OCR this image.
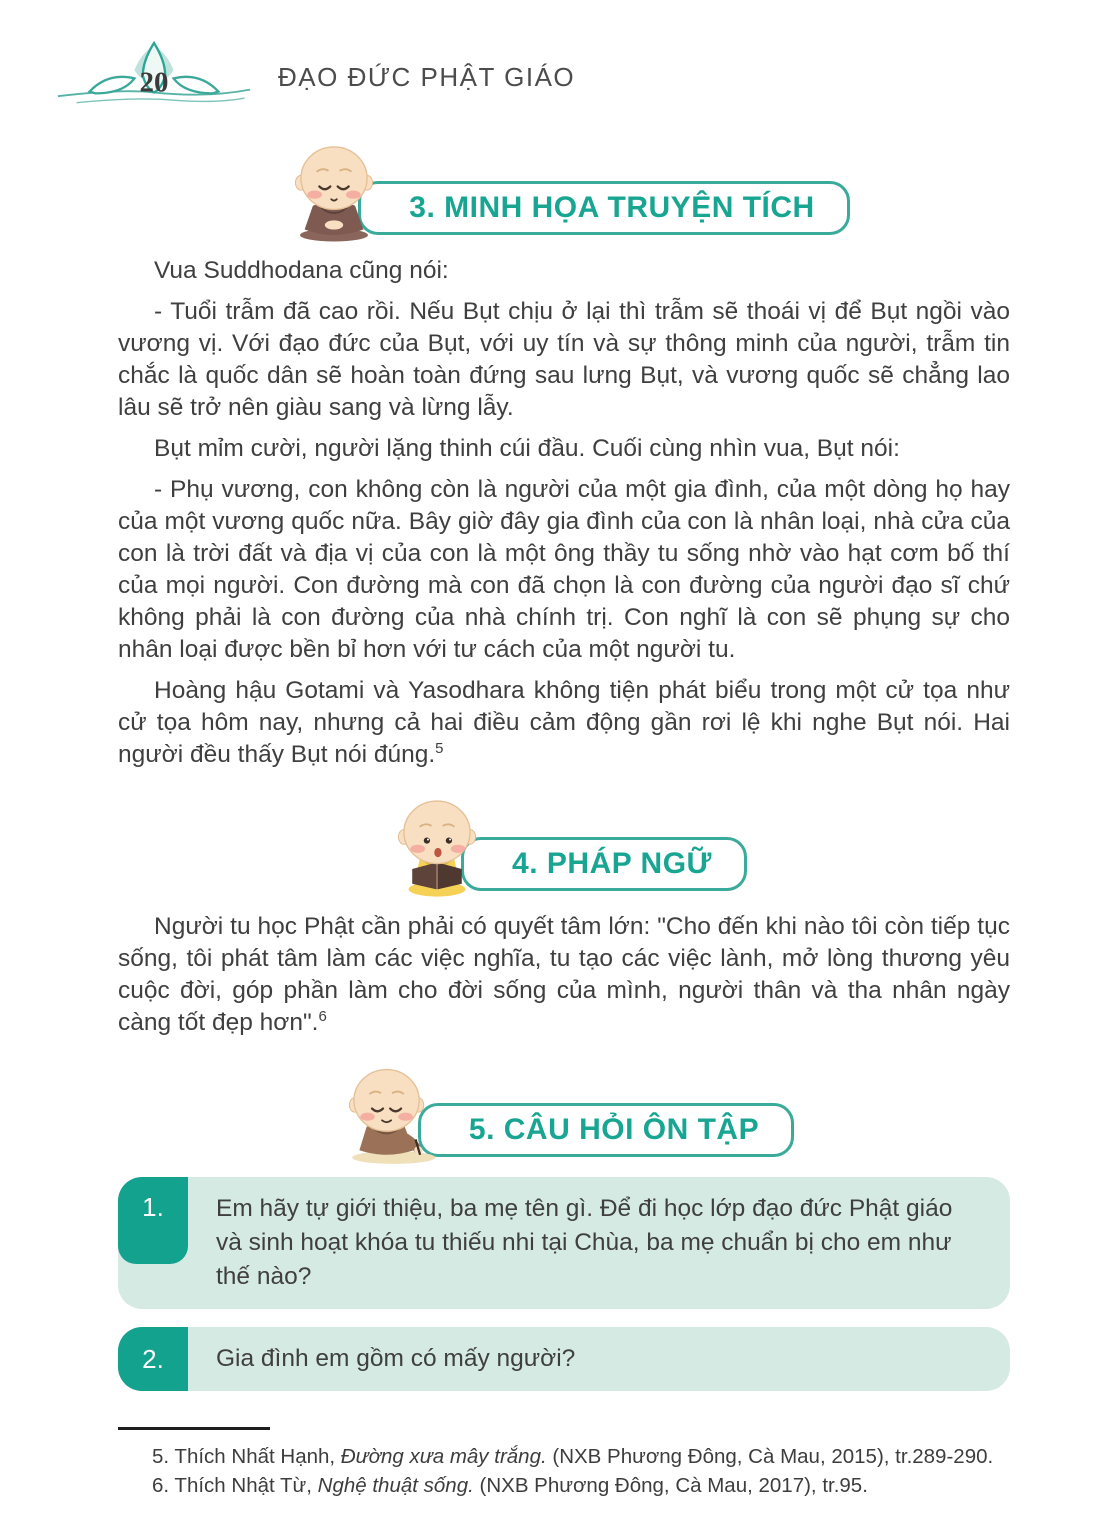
20	ĐẠO ĐỨC PHẬT GIÁO
3. MINH HỌA TRUYỆN TÍCH

Vua Suddhodana cũng nói:

- Tuổi trẫm đã cao rồi. Nếu Bụt chịu ở lại thì trẫm sẽ thoái vị để Bụt ngồi vào vương vị. Với đạo đức của Bụt, với uy tín và sự thông minh của người, trẫm tin chắc là quốc dân sẽ hoàn toàn đứng sau lưng Bụt, và vương quốc sẽ chẳng lao lâu sẽ trở nên giàu sang và lừng lẫy.

Bụt mỉm cười, người lặng thinh cúi đầu. Cuối cùng nhìn vua, Bụt nói:

- Phụ vương, con không còn là người của một gia đình, của một dòng họ hay của một vương quốc nữa. Bây giờ đây gia đình của con là nhân loại, nhà cửa của con là trời đất và địa vị của con là một ông thầy tu sống nhờ vào hạt cơm bố thí của mọi người. Con đường mà con đã chọn là con đường của người đạo sĩ chứ không phải là con đường của nhà chính trị. Con nghĩ là con sẽ phụng sự cho nhân loại được bền bỉ hơn với tư cách của một người tu.

Hoàng hậu Gotami và Yasodhara không tiện phát biểu trong một cử tọa như cử tọa hôm nay, nhưng cả hai điều cảm động gần rơi lệ khi nghe Bụt nói. Hai người đều thấy Bụt nói đúng.$^5$

4. PHÁP NGỮ

Người tu học Phật cần phải có quyết tâm lớn: "Cho đến khi nào tôi còn tiếp tục sống, tôi phát tâm làm các việc nghĩa, tu tạo các việc lành, mở lòng thương yêu cuộc đời, góp phần làm cho đời sống của mình, người thân và tha nhân ngày càng tốt đẹp hơn".$^6$

5. CÂU HỎI ÔN TẬP
1.	Em hãy tự giới thiệu, ba mẹ tên gì. Để đi học lớp đạo đức Phật giáo và sinh hoạt khóa tu thiếu nhi tại Chùa, ba mẹ chuẩn bị cho em như thế nào?
2.	Gia đình em gồm có mấy người?
5. Thích Nhất Hạnh, Đường xưa mây trắng. (NXB Phương Đông, Cà Mau, 2015), tr.289-290.
6. Thích Nhật Từ, Nghệ thuật sống. (NXB Phương Đông, Cà Mau, 2017), tr.95.
